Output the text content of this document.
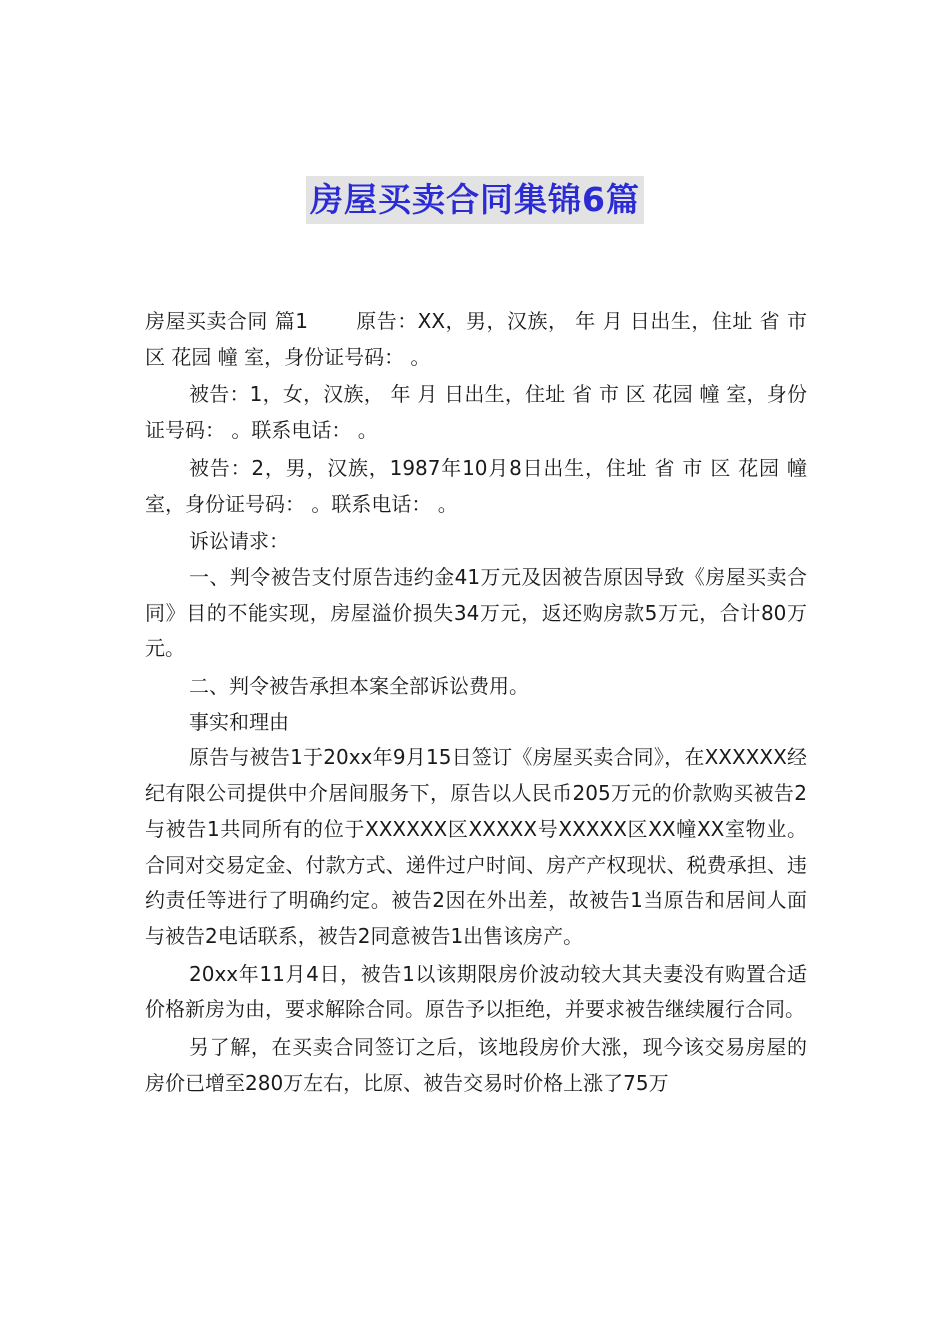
房屋买卖合同集锦6篇

房屋买卖合同 篇1　　 原告：XX，男，汉族， 年 月 日出生，住址 省 市 区 花园 幢 室，身份证号码： 。

被告：1，女，汉族， 年 月 日出生，住址 省 市 区 花园 幢 室，身份证号码： 。联系电话： 。

被告：2，男，汉族，1987年10月8日出生，住址 省 市 区 花园 幢 室，身份证号码： 。联系电话： 。

诉讼请求：

一、判令被告支付原告违约金41万元及因被告原因导致《房屋买卖合同》目的不能实现，房屋溢价损失34万元，返还购房款5万元，合计80万元。

二、判令被告承担本案全部诉讼费用。

事实和理由

原告与被告1于20xx年9月15日签订《房屋买卖合同》，在XXXXXX经纪有限公司提供中介居间服务下，原告以人民币205万元的价款购买被告2与被告1共同所有的位于XXXXXX区XXXXX号XXXXX区XX幢XX室物业。合同对交易定金、付款方式、递件过户时间、房产产权现状、税费承担、违约责任等进行了明确约定。被告2因在外出差，故被告1当原告和居间人面与被告2电话联系，被告2同意被告1出售该房产。

20xx年11月4日，被告1以该期限房价波动较大其夫妻没有购置合适价格新房为由，要求解除合同。原告予以拒绝，并要求被告继续履行合同。

另了解，在买卖合同签订之后，该地段房价大涨，现今该交易房屋的房价已增至280万左右，比原、被告交易时价格上涨了75万
